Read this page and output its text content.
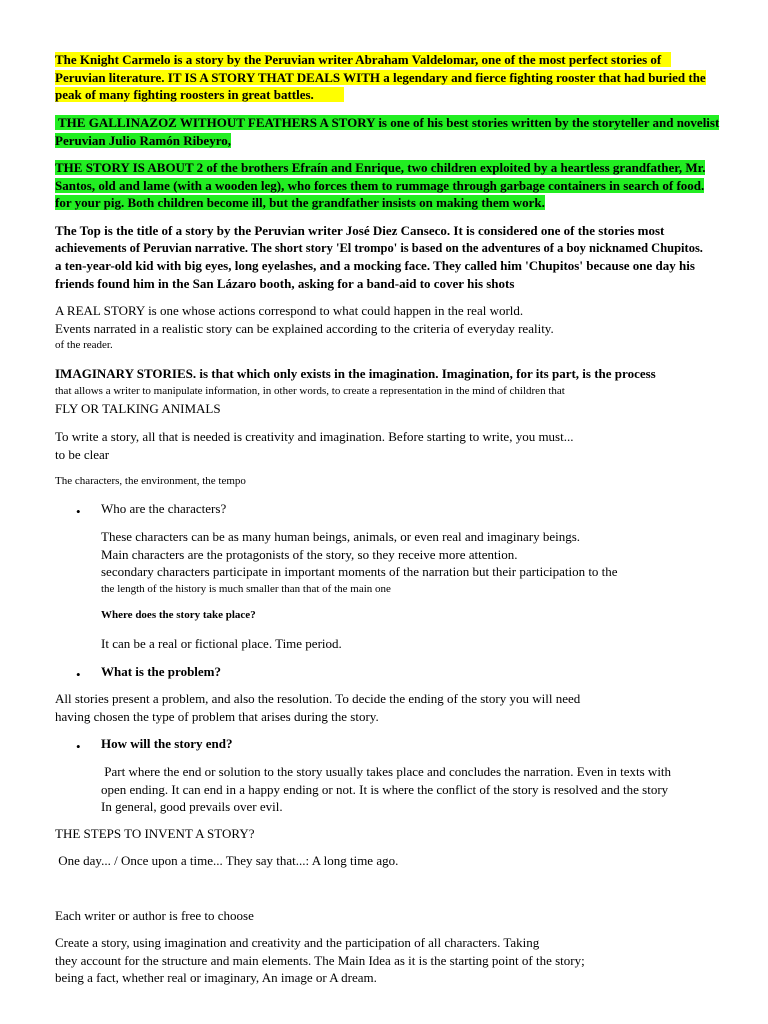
The Knight Carmelo is a story by the Peruvian writer Abraham Valdelomar, one of the most perfect stories of
Peruvian literature. IT IS A STORY THAT DEALS WITH a legendary and fierce fighting rooster that had buried the
peak of many fighting roosters in great battles.
THE GALLINAZOZ WITHOUT FEATHERS A STORY is one of his best stories written by the storyteller and novelist
Peruvian Julio Ramón Ribeyro,
THE STORY IS ABOUT 2 of the brothers Efraín and Enrique, two children exploited by a heartless grandfather, Mr.
Santos, old and lame (with a wooden leg), who forces them to rummage through garbage containers in search of food.
for your pig. Both children become ill, but the grandfather insists on making them work.
The Top is the title of a story by the Peruvian writer José Diez Canseco. It is considered one of the stories most
achievements of Peruvian narrative. The short story 'El trompo' is based on the adventures of a boy nicknamed Chupitos.
a ten-year-old kid with big eyes, long eyelashes, and a mocking face. They called him 'Chupitos' because one day his
friends found him in the San Lázaro booth, asking for a band-aid to cover his shots
A REAL STORY is one whose actions correspond to what could happen in the real world.
Events narrated in a realistic story can be explained according to the criteria of everyday reality.
of the reader.
IMAGINARY STORIES. is that which only exists in the imagination. Imagination, for its part, is the process
that allows a writer to manipulate information, in other words, to create a representation in the mind of children that
FLY OR TALKING ANIMALS
To write a story, all that is needed is creativity and imagination. Before starting to write, you must...
to be clear
The characters, the environment, the tempo
• Who are the characters?
These characters can be as many human beings, animals, or even real and imaginary beings.
Main characters are the protagonists of the story, so they receive more attention.
secondary characters participate in important moments of the narration but their participation to the
the length of the history is much smaller than that of the main one
Where does the story take place?
It can be a real or fictional place. Time period.
• What is the problem?
All stories present a problem, and also the resolution. To decide the ending of the story you will need
having chosen the type of problem that arises during the story.
• How will the story end?
Part where the end or solution to the story usually takes place and concludes the narration. Even in texts with
open ending. It can end in a happy ending or not. It is where the conflict of the story is resolved and the story
In general, good prevails over evil.
THE STEPS TO INVENT A STORY?
One day... / Once upon a time... They say that...: A long time ago.
Each writer or author is free to choose
Create a story, using imagination and creativity and the participation of all characters. Taking
they account for the structure and main elements. The Main Idea as it is the starting point of the story;
being a fact, whether real or imaginary, An image or A dream.
